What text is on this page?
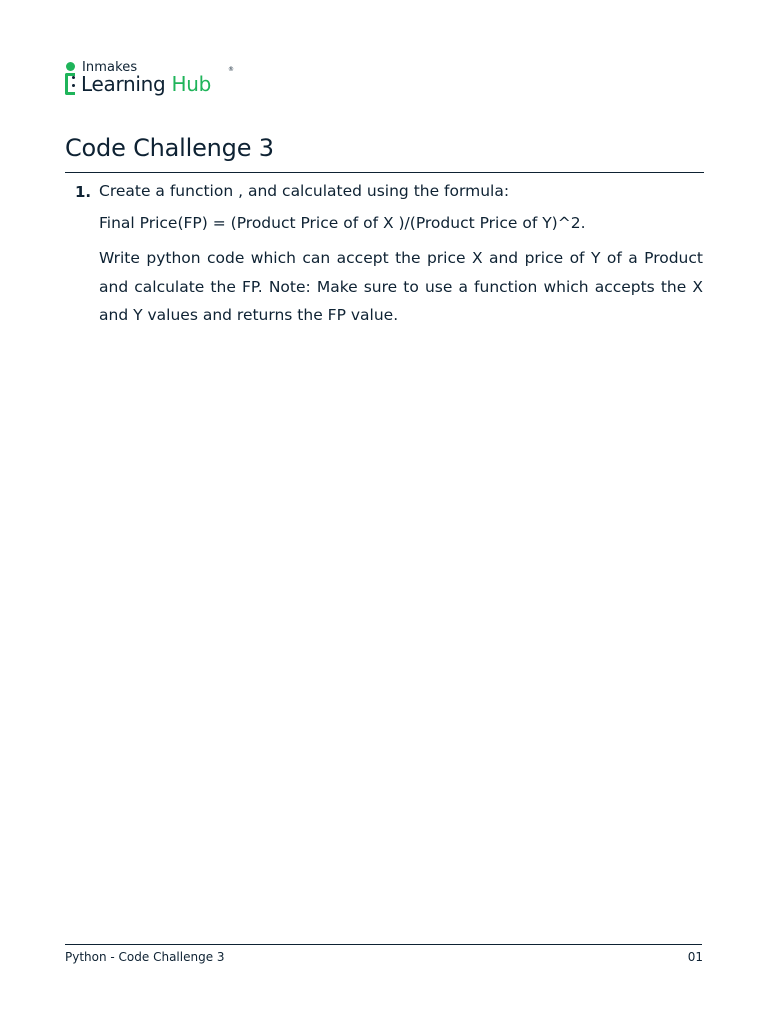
Inmakes
Learning Hub
®
Code Challenge 3
1. Create a function , and calculated using the formula:
Final Price(FP) = (Product Price of of X )/(Product Price of Y)^2.

Write python code which can accept the price X and price of Y of a Product and calculate the FP. Note: Make sure to use a function which accepts the X and Y values and returns the FP value.

Python - Code Challenge 3	01
